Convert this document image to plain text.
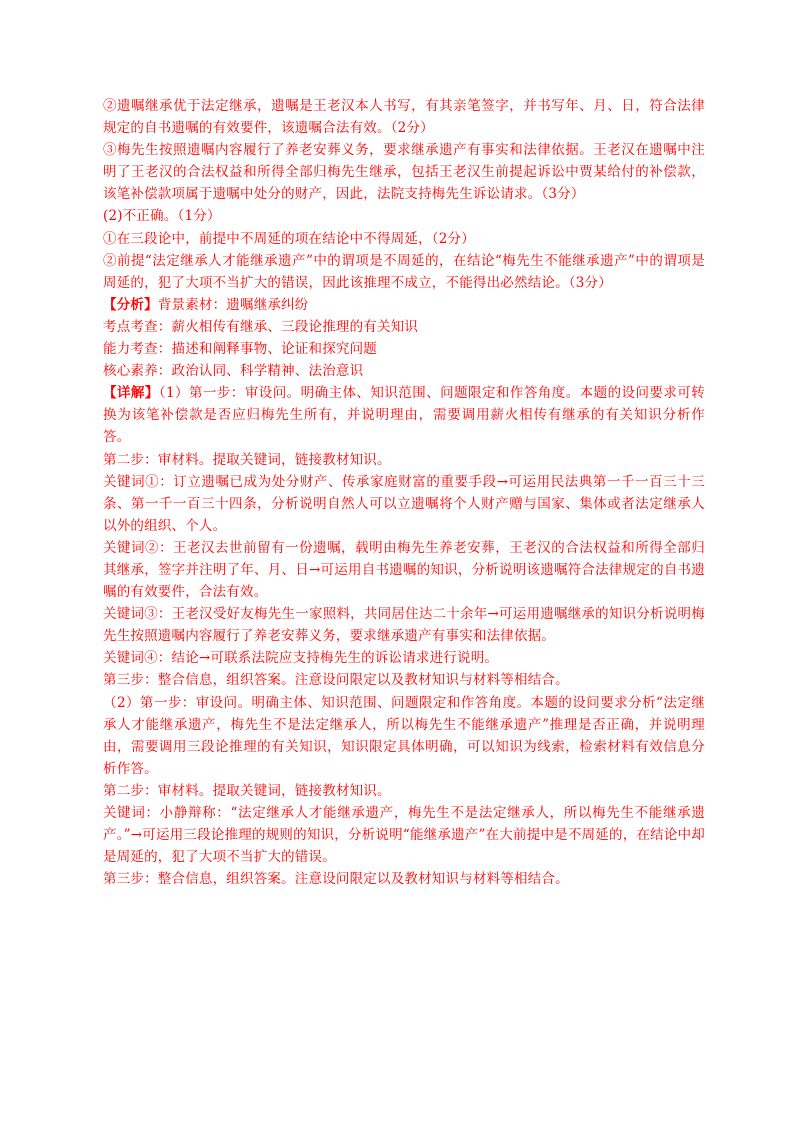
②遗嘱继承优于法定继承，遗嘱是王老汉本人书写，有其亲笔签字，并书写年、月、日，符合法律规定的自书遗嘱的有效要件，该遗嘱合法有效。（2分）

③梅先生按照遗嘱内容履行了养老安葬义务，要求继承遗产有事实和法律依据。王老汉在遗嘱中注明了王老汉的合法权益和所得全部归梅先生继承，包括王老汉生前提起诉讼中贾某给付的补偿款，该笔补偿款项属于遗嘱中处分的财产，因此，法院支持梅先生诉讼请求。（3分）

(2)不正确。（1分）

①在三段论中，前提中不周延的项在结论中不得周延，（2分）

②前提“法定继承人才能继承遗产”中的谓项是不周延的，在结论“梅先生不能继承遗产”中的谓项是周延的，犯了大项不当扩大的错误，因此该推理不成立，不能得出必然结论。（3分）

【分析】背景素材：遗嘱继承纠纷

考点考查：薪火相传有继承、三段论推理的有关知识

能力考查：描述和阐释事物、论证和探究问题

核心素养：政治认同、科学精神、法治意识

【详解】（1）第一步：审设问。明确主体、知识范围、问题限定和作答角度。本题的设问要求可转换为该笔补偿款是否应归梅先生所有，并说明理由，需要调用薪火相传有继承的有关知识分析作答。

第二步：审材料。提取关键词，链接教材知识。

关键词①：订立遗嘱已成为处分财产、传承家庭财富的重要手段→可运用民法典第一千一百三十三条、第一千一百三十四条，分析说明自然人可以立遗嘱将个人财产赠与国家、集体或者法定继承人以外的组织、个人。

关键词②：王老汉去世前留有一份遗嘱，载明由梅先生养老安葬，王老汉的合法权益和所得全部归其继承，签字并注明了年、月、日→可运用自书遗嘱的知识，分析说明该遗嘱符合法律规定的自书遗嘱的有效要件，合法有效。

关键词③：王老汉受好友梅先生一家照料，共同居住达二十余年→可运用遗嘱继承的知识分析说明梅先生按照遗嘱内容履行了养老安葬义务，要求继承遗产有事实和法律依据。

关键词④：结论→可联系法院应支持梅先生的诉讼请求进行说明。

第三步：整合信息，组织答案。注意设问限定以及教材知识与材料等相结合。

（2）第一步：审设问。明确主体、知识范围、问题限定和作答角度。本题的设问要求分析“法定继承人才能继承遗产，梅先生不是法定继承人，所以梅先生不能继承遗产”推理是否正确，并说明理由，需要调用三段论推理的有关知识，知识限定具体明确，可以知识为线索，检索材料有效信息分析作答。

第二步：审材料。提取关键词，链接教材知识。

关键词：小静辩称：“法定继承人才能继承遗产，梅先生不是法定继承人，所以梅先生不能继承遗产。”→可运用三段论推理的规则的知识，分析说明“能继承遗产”在大前提中是不周延的，在结论中却是周延的，犯了大项不当扩大的错误。

第三步：整合信息，组织答案。注意设问限定以及教材知识与材料等相结合。
